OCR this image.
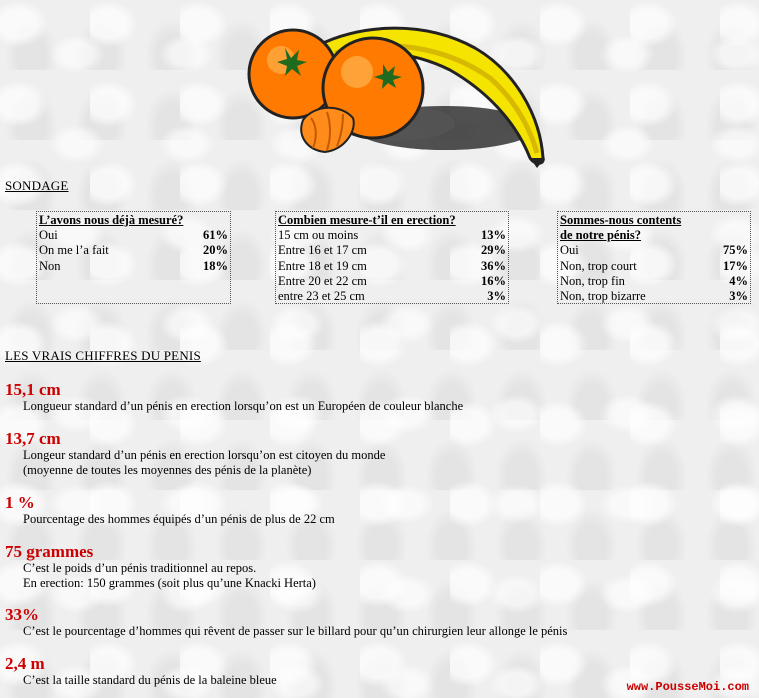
SONDAGE
L’avons nous déjà mesuré?
Oui	61%
On me l’a fait	20%
Non	18%
Combien mesure-t’il en erection?
15 cm ou moins	13%
Entre 16 et 17 cm	29%
Entre 18 et 19 cm	36%
Entre 20 et 22 cm	16%
entre 23 et 25 cm	3%
Sommes-nous contents
de notre pénis?
Oui	75%
Non, trop court	17%
Non, trop fin	4%
Non, trop bizarre	3%
LES VRAIS CHIFFRES DU PENIS
15,1 cm
Longueur standard d’un pénis en erection lorsqu’on est un Européen de couleur blanche
13,7 cm
Longeur standard d’un pénis en erection lorsqu’on est citoyen du monde
(moyenne de toutes les moyennes des pénis de la planète)
1 %
Pourcentage des hommes équipés d’un pénis de plus de 22 cm
75 grammes
C’est le poids d’un pénis traditionnel au repos.
En erection: 150 grammes (soit plus qu’une Knacki Herta)
33%
C’est le pourcentage d’hommes qui rêvent de passer sur le billard pour qu’un chirurgien leur allonge le pénis
2,4 m
C’est la taille standard du pénis de la baleine bleue	www.PousseMoi.com
